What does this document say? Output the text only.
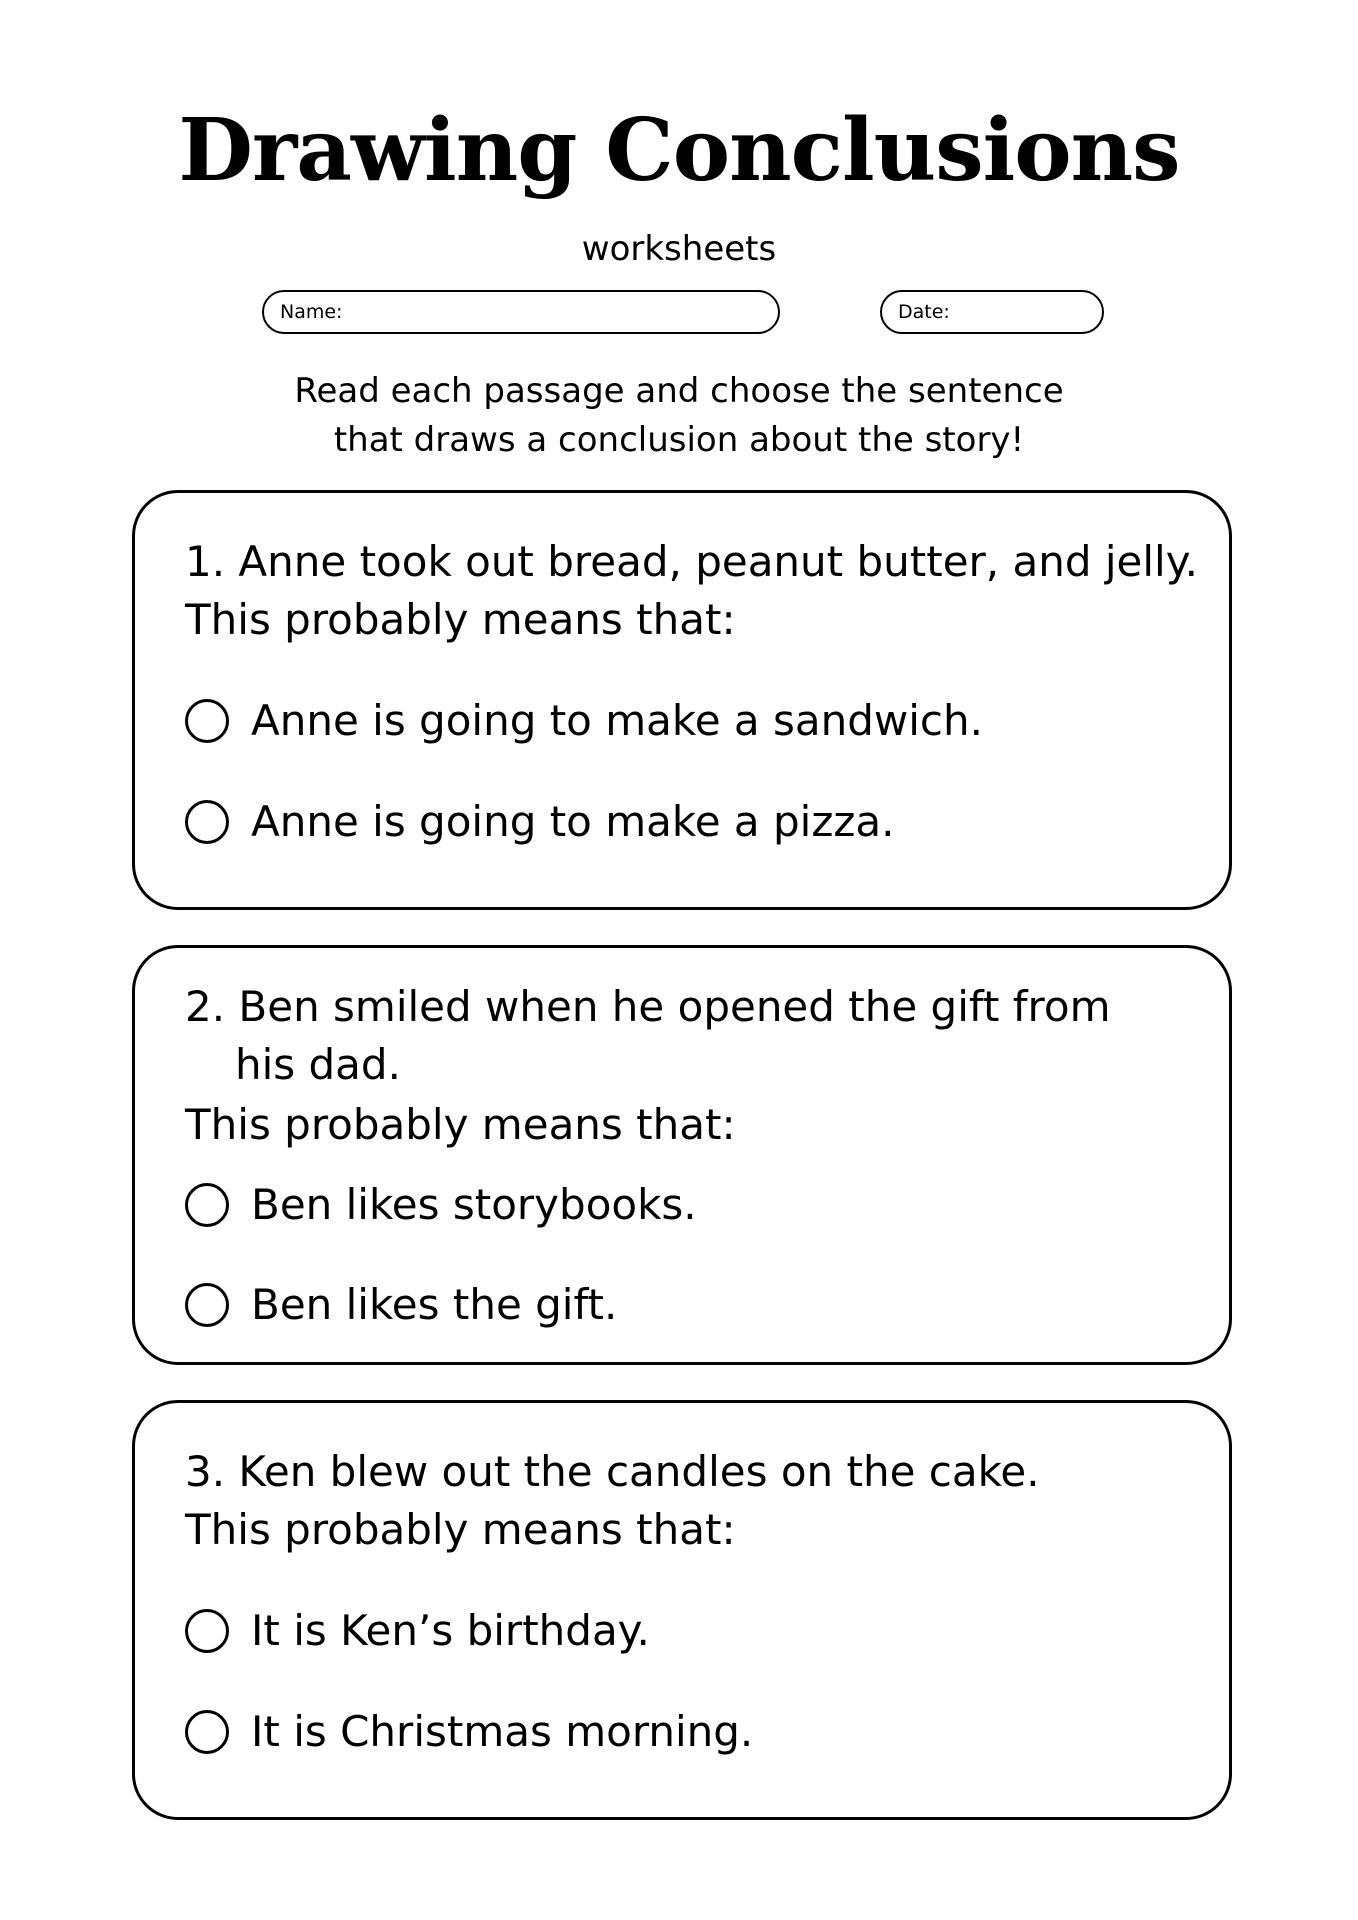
Drawing Conclusions
worksheets
Name:	Date:
Read each passage and choose the sentence
that draws a conclusion about the story!
1. Anne took out bread, peanut butter, and jelly.
This probably means that:
Anne is going to make a sandwich.
Anne is going to make a pizza.
2. Ben smiled when he opened the gift from
his dad.
This probably means that:
Ben likes storybooks.
Ben likes the gift.
3. Ken blew out the candles on the cake.
This probably means that:
It is Ken’s birthday.
It is Christmas morning.
